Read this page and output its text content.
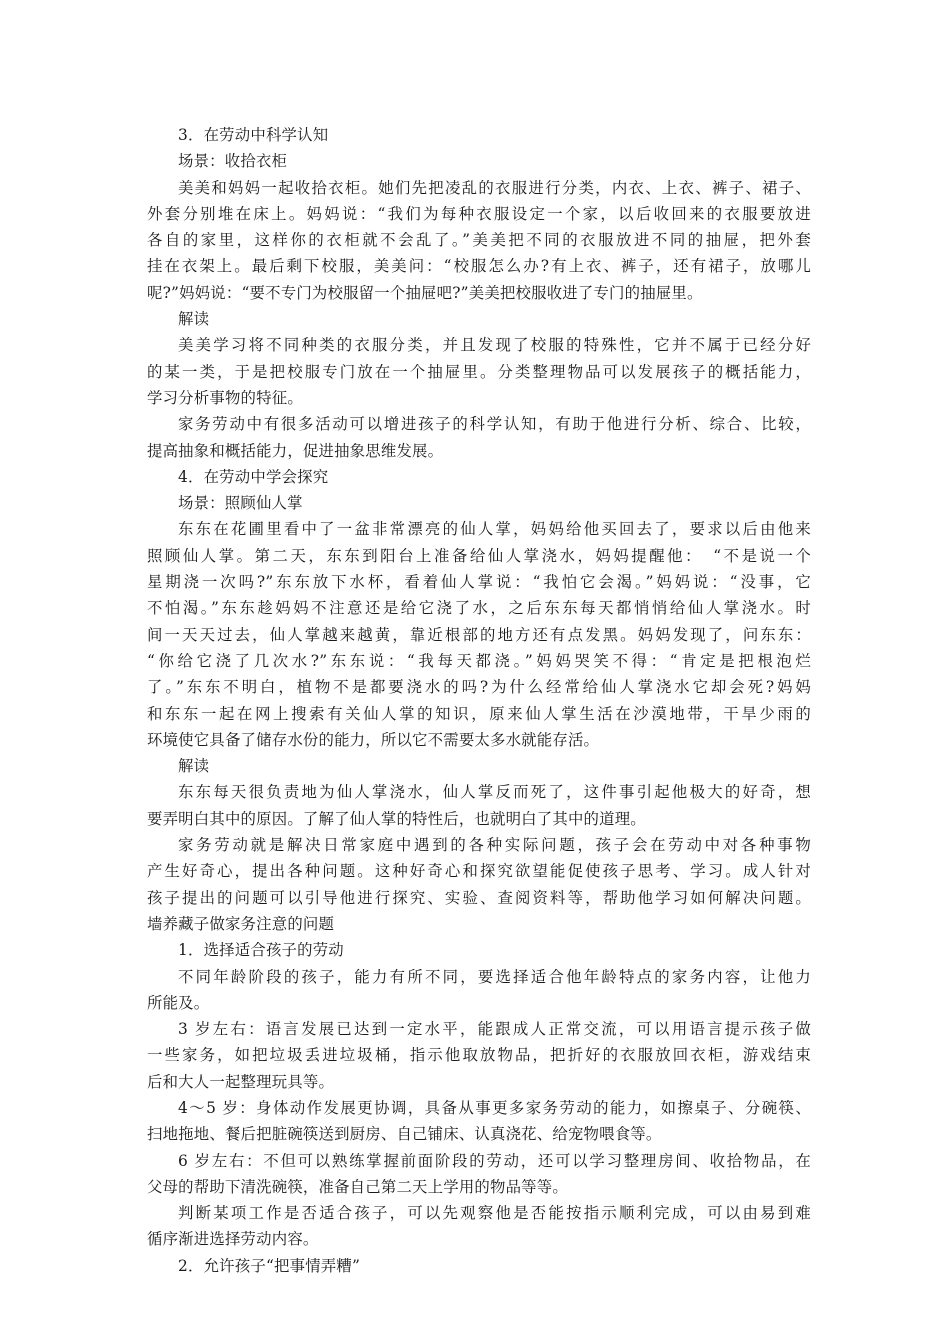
3．在劳动中科学认知
场景：收拾衣柜
美美和妈妈一起收拾衣柜。她们先把凌乱的衣服进行分类，内衣、上衣、裤子、裙子、
外套分别堆在床上。妈妈说：“我们为每种衣服设定一个家，以后收回来的衣服要放进
各自的家里，这样你的衣柜就不会乱了。”美美把不同的衣服放进不同的抽屉，把外套
挂在衣架上。最后剩下校服，美美问：“校服怎么办?有上衣、裤子，还有裙子，放哪儿
呢?”妈妈说：“要不专门为校服留一个抽屉吧?”美美把校服收进了专门的抽屉里。
解读
美美学习将不同种类的衣服分类，并且发现了校服的特殊性，它并不属于已经分好
的某一类，于是把校服专门放在一个抽屉里。分类整理物品可以发展孩子的概括能力，
学习分析事物的特征。
家务劳动中有很多活动可以增进孩子的科学认知，有助于他进行分析、综合、比较，
提高抽象和概括能力，促进抽象思维发展。
4．在劳动中学会探究
场景：照顾仙人掌
东东在花圃里看中了一盆非常漂亮的仙人掌，妈妈给他买回去了，要求以后由他来
照顾仙人掌。第二天，东东到阳台上准备给仙人掌浇水，妈妈提醒他：　“不是说一个
星期浇一次吗?”东东放下水杯，看着仙人掌说：“我怕它会渴。”妈妈说：“没事，它
不怕渴。”东东趁妈妈不注意还是给它浇了水，之后东东每天都悄悄给仙人掌浇水。时
间一天天过去，仙人掌越来越黄，靠近根部的地方还有点发黑。妈妈发现了，问东东：
“你给它浇了几次水?”东东说：“我每天都浇。”妈妈哭笑不得：“肯定是把根泡烂
了。”东东不明白，植物不是都要浇水的吗?为什么经常给仙人掌浇水它却会死?妈妈
和东东一起在网上搜索有关仙人掌的知识，原来仙人掌生活在沙漠地带，干旱少雨的
环境使它具备了储存水份的能力，所以它不需要太多水就能存活。
解读
东东每天很负责地为仙人掌浇水，仙人掌反而死了，这件事引起他极大的好奇，想
要弄明白其中的原因。了解了仙人掌的特性后，也就明白了其中的道理。
家务劳动就是解决日常家庭中遇到的各种实际问题，孩子会在劳动中对各种事物
产生好奇心，提出各种问题。这种好奇心和探究欲望能促使孩子思考、学习。成人针对
孩子提出的问题可以引导他进行探究、实验、查阅资料等，帮助他学习如何解决问题。
墙养藏子做家务注意的问题
1．选择适合孩子的劳动
不同年龄阶段的孩子，能力有所不同，要选择适合他年龄特点的家务内容，让他力
所能及。
3 岁左右：语言发展已达到一定水平，能跟成人正常交流，可以用语言提示孩子做
一些家务，如把垃圾丢进垃圾桶，指示他取放物品，把折好的衣服放回衣柜，游戏结束
后和大人一起整理玩具等。
4～5 岁：身体动作发展更协调，具备从事更多家务劳动的能力，如擦桌子、分碗筷、
扫地拖地、餐后把脏碗筷送到厨房、自己铺床、认真浇花、给宠物喂食等。
6 岁左右：不但可以熟练掌握前面阶段的劳动，还可以学习整理房间、收拾物品，在
父母的帮助下清洗碗筷，准备自己第二天上学用的物品等等。
判断某项工作是否适合孩子，可以先观察他是否能按指示顺利完成，可以由易到难
循序渐进选择劳动内容。
2．允许孩子“把事情弄糟”
